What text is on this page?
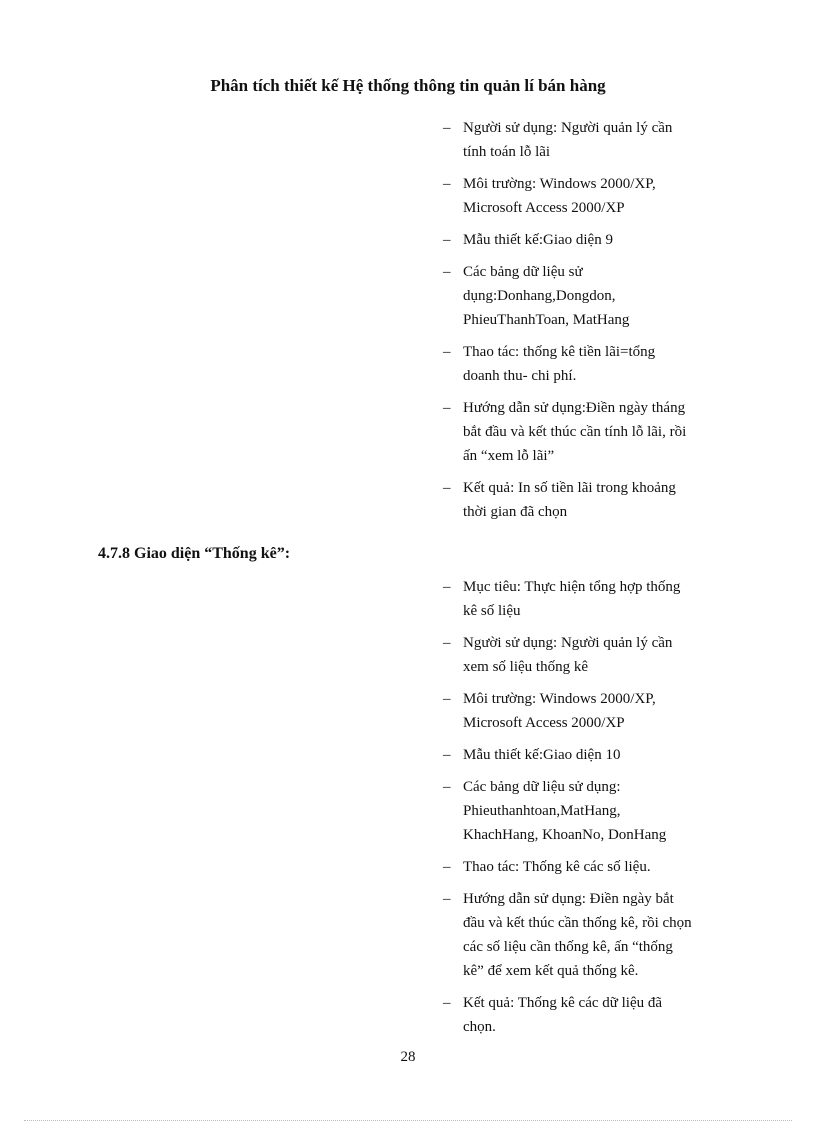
Phân tích thiết kế Hệ thống thông tin quản lí bán hàng
– Người sử dụng: Người quản lý cần
tính toán lỗ lãi
– Môi trường: Windows 2000/XP,
Microsoft Access 2000/XP
– Mẫu thiết kế:Giao diện 9
– Các bảng dữ liệu sử
dụng:Donhang,Dongdon,
PhieuThanhToan, MatHang
– Thao tác: thống kê tiền lãi=tổng
doanh thu- chi phí.
– Hướng dẫn sử dụng:Điền ngày tháng
bắt đầu và kết thúc cần tính lỗ lãi, rồi
ấn “xem lỗ lãi”
– Kết quả: In số tiền lãi trong khoảng
thời gian đã chọn
4.7.8 Giao diện “Thống kê”:
– Mục tiêu: Thực hiện tổng hợp thống
kê số liệu
– Người sử dụng: Người quản lý cần
xem số liệu thống kê
– Môi trường: Windows 2000/XP,
Microsoft Access 2000/XP
– Mẫu thiết kế:Giao diện 10
– Các bảng dữ liệu sử dụng:
Phieuthanhtoan,MatHang,
KhachHang, KhoanNo, DonHang
– Thao tác: Thống kê các số liệu.
– Hướng dẫn sử dụng: Điền ngày bắt
đầu và kết thúc cần thống kê, rồi chọn
các số liệu cần thống kê, ấn “thống
kê” để xem kết quả thống kê.
– Kết quả: Thống kê các dữ liệu đã
chọn.
28
